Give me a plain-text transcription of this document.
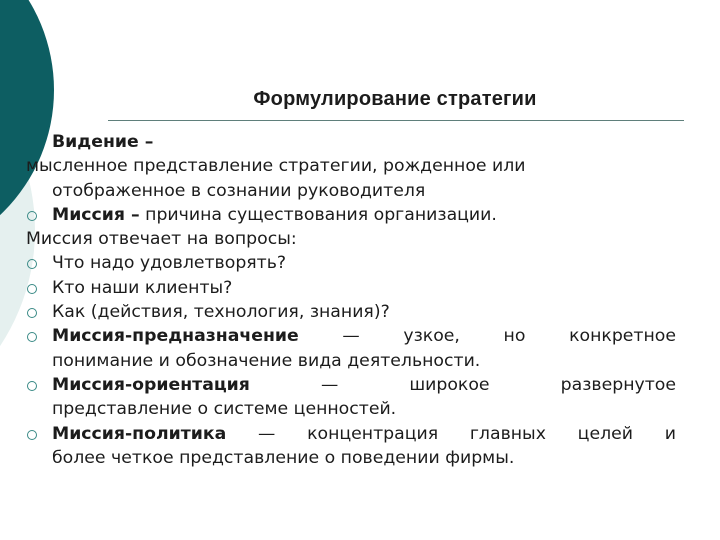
Формулирование стратегии
Видение –
мысленное представление стратегии, рожденное или
отображенное в сознании руководителя
Миссия – причина существования организации.
Миссия отвечает на вопросы:
Что надо удовлетворять?
Кто наши клиенты?
Как (действия, технология, знания)?
Миссия-предназначение	— узкое, но конкретное
понимание и обозначение вида деятельности.
Миссия-ориентация	— широкое развернутое
представление о системе ценностей.
Миссия-политика — концентрация главных целей и
более четкое представление о поведении фирмы.
